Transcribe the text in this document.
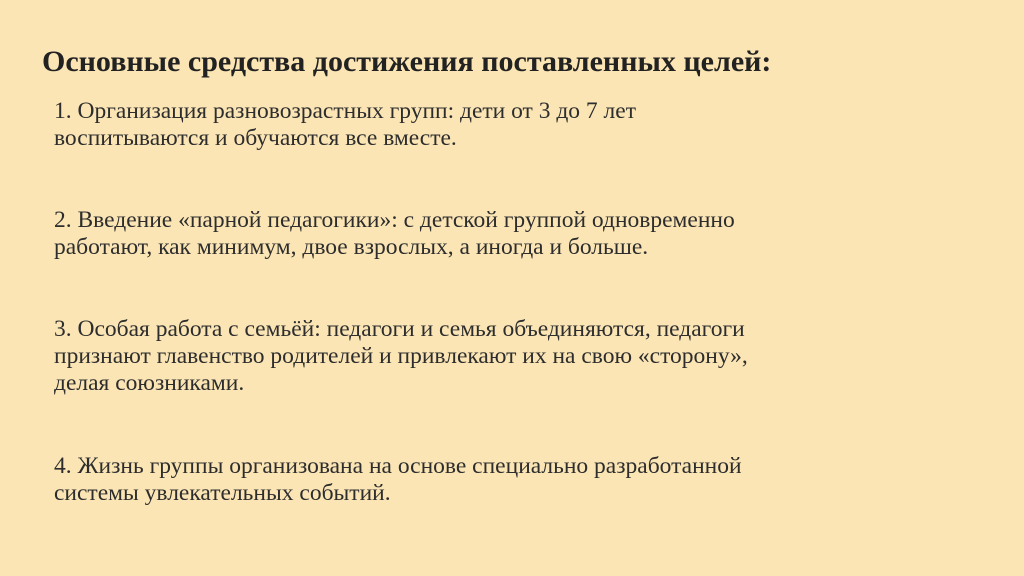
Основные средства достижения поставленных целей:
1. Организация разновозрастных групп: дети от 3 до 7 лет
воспитываются и обучаются все вместе.
2. Введение «парной педагогики»: с детской группой одновременно
работают, как минимум, двое взрослых, а иногда и больше.
3. Особая работа с семьёй: педагоги и семья объединяются, педагоги
признают главенство родителей и привлекают их на свою «сторону»,
делая союзниками.
4. Жизнь группы организована на основе специально разработанной
системы увлекательных событий.
